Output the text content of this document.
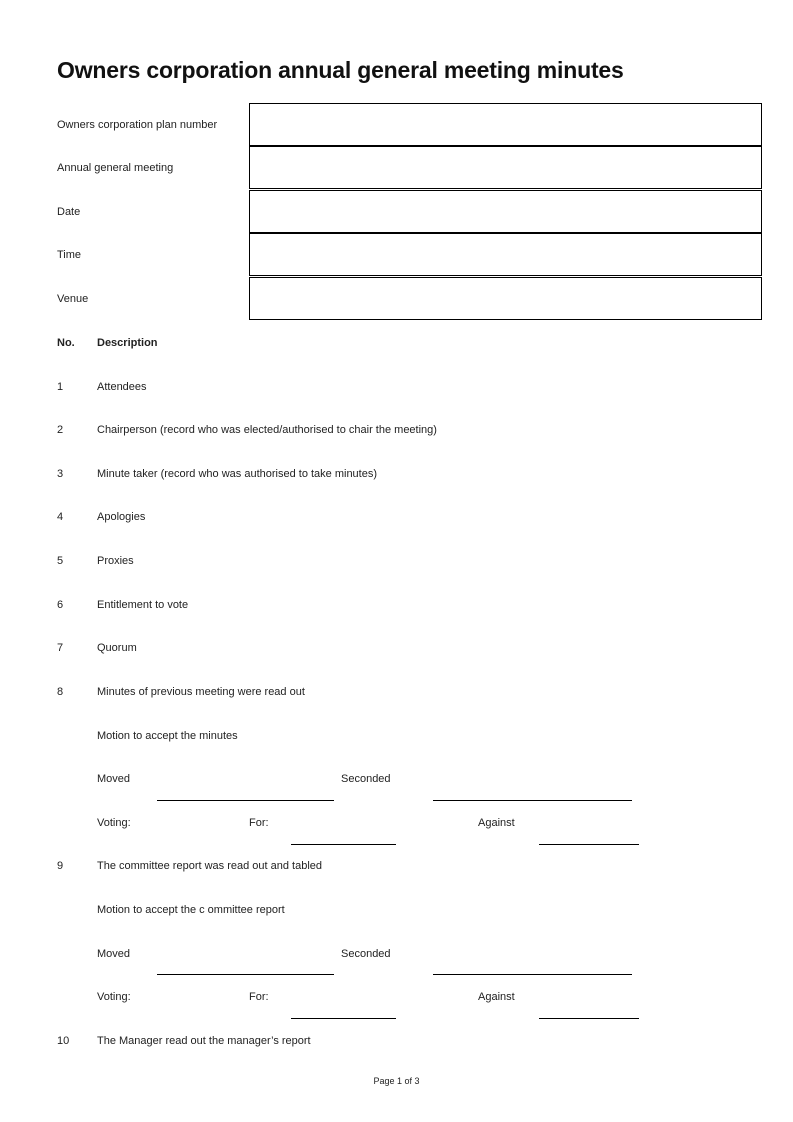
Owners corporation annual general meeting minutes
Owners corporation plan number
Annual general meeting
Date
Time
Venue
No. Description
1	Attendees
2	Chairperson (record who was elected/authorised to chair the meeting)
3	Minute taker (record who was authorised to take minutes)
4	Apologies
5	Proxies
6	Entitlement to vote
7	Quorum
8	Minutes of previous meeting were read out
Motion to accept the minutes
Moved	Seconded
Voting:	For:	Against
9	The committee report was read out and tabled
Motion to accept the c ommittee report
Moved	Seconded
Voting:	For:	Against
10	The Manager read out the manager’s report
Page 1 of 3
